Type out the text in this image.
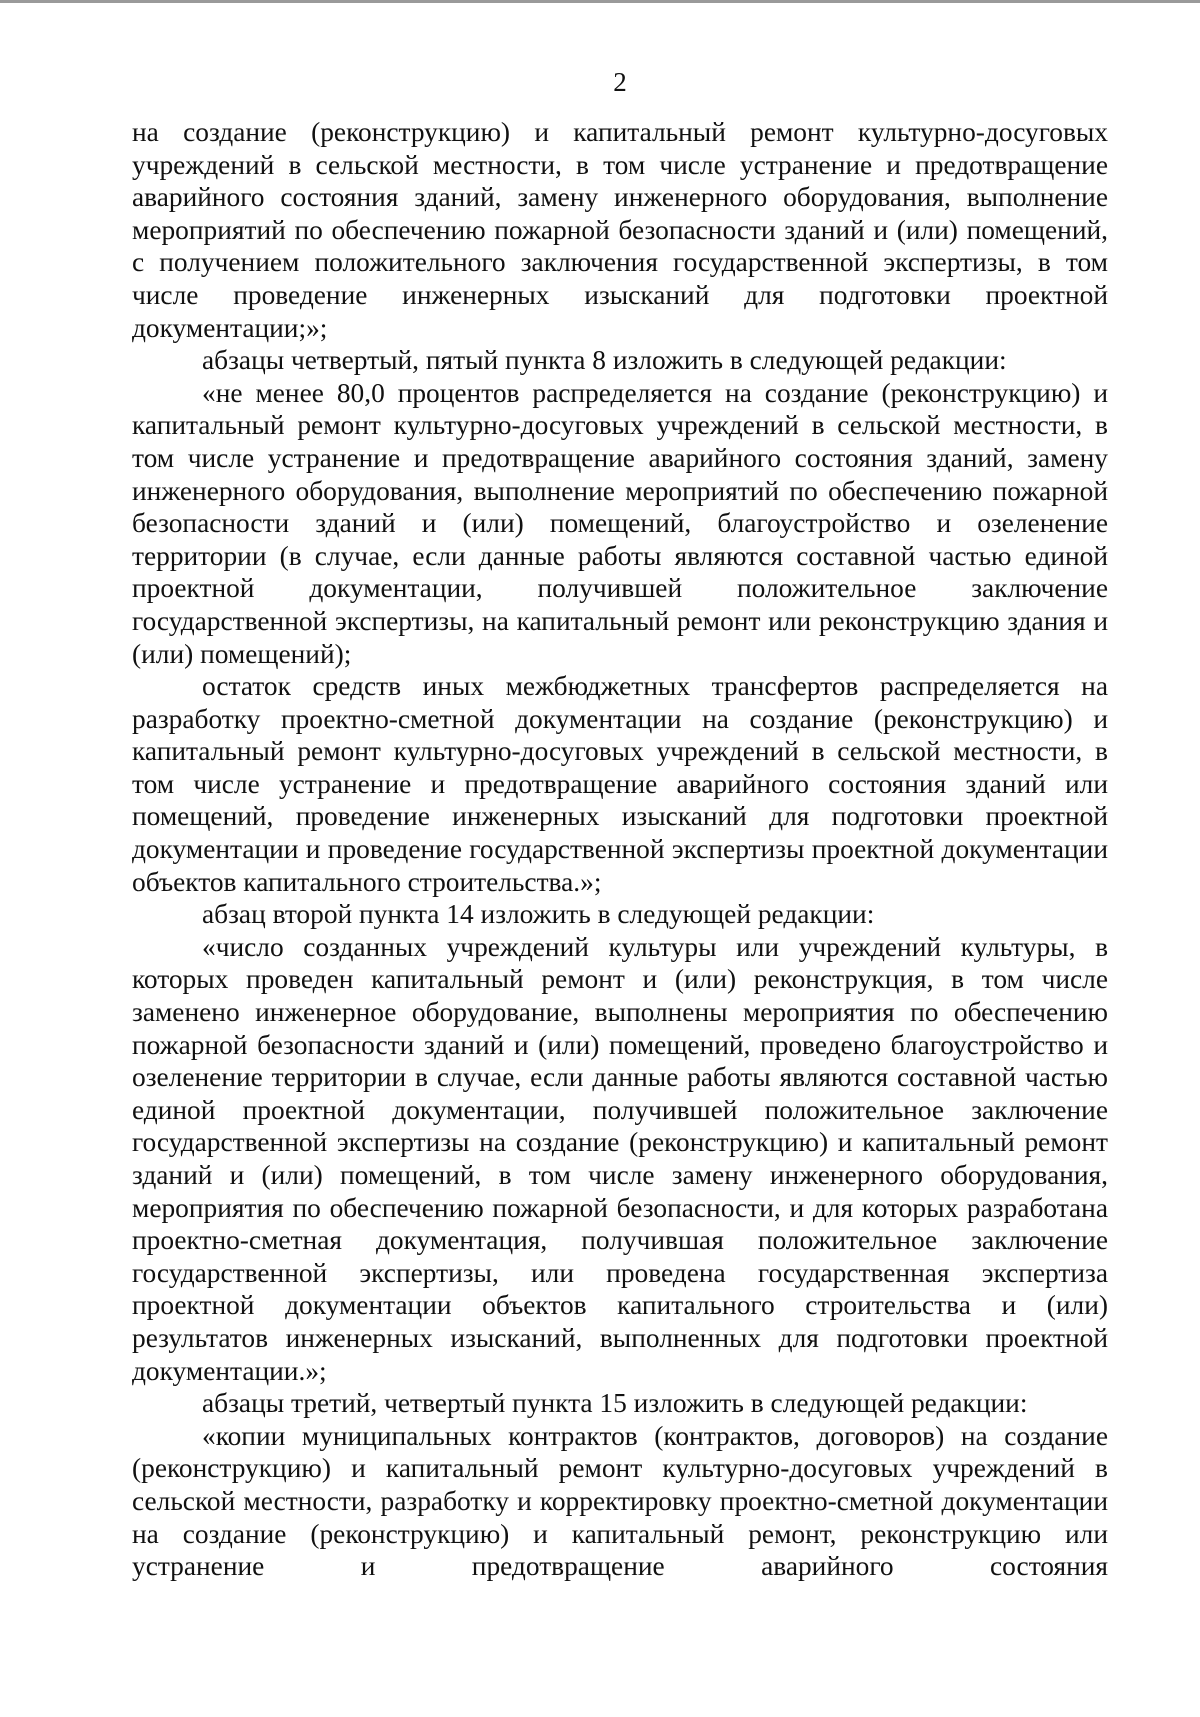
2

на создание (реконструкцию) и капитальный ремонт культурно-досуговых учреждений в сельской местности, в том числе устранение и предотвращение аварийного состояния зданий, замену инженерного оборудования, выполнение мероприятий по обеспечению пожарной безопасности зданий и (или) помещений, с получением положительного заключения государственной экспертизы, в том числе проведение инженерных изысканий для подготовки проектной документации;»;

абзацы четвертый, пятый пункта 8 изложить в следующей редакции:

«не менее 80,0 процентов распределяется на создание (реконструкцию) и капитальный ремонт культурно-досуговых учреждений в сельской местности, в том числе устранение и предотвращение аварийного состояния зданий, замену инженерного оборудования, выполнение мероприятий по обеспечению пожарной безопасности зданий и (или) помещений, благоустройство и озеленение территории (в случае, если данные работы являются составной частью единой проектной документации, получившей положительное заключение государственной экспертизы, на капитальный ремонт или реконструкцию здания и (или) помещений);

остаток средств иных межбюджетных трансфертов распределяется на разработку проектно-сметной документации на создание (реконструкцию) и капитальный ремонт культурно-досуговых учреждений в сельской местности, в том числе устранение и предотвращение аварийного состояния зданий или помещений, проведение инженерных изысканий для подготовки проектной документации и проведение государственной экспертизы проектной документации объектов капитального строительства.»;

абзац второй пункта 14 изложить в следующей редакции:

«число созданных учреждений культуры или учреждений культуры, в которых проведен капитальный ремонт и (или) реконструкция, в том числе заменено инженерное оборудование, выполнены мероприятия по обеспечению пожарной безопасности зданий и (или) помещений, проведено благоустройство и озеленение территории в случае, если данные работы являются составной частью единой проектной документации, получившей положительное заключение государственной экспертизы на создание (реконструкцию) и капитальный ремонт зданий и (или) помещений, в том числе замену инженерного оборудования, мероприятия по обеспечению пожарной безопасности, и для которых разработана проектно-сметная документация, получившая положительное заключение государственной экспертизы, или проведена государственная экспертиза проектной документации объектов капитального строительства и (или) результатов инженерных изысканий, выполненных для подготовки проектной документации.»;

абзацы третий, четвертый пункта 15 изложить в следующей редакции:

«копии муниципальных контрактов (контрактов, договоров) на создание (реконструкцию) и капитальный ремонт культурно-досуговых учреждений в сельской местности, разработку и корректировку проектно-сметной документации на создание (реконструкцию) и капитальный ремонт, реконструкцию или устранение и предотвращение аварийного состояния
